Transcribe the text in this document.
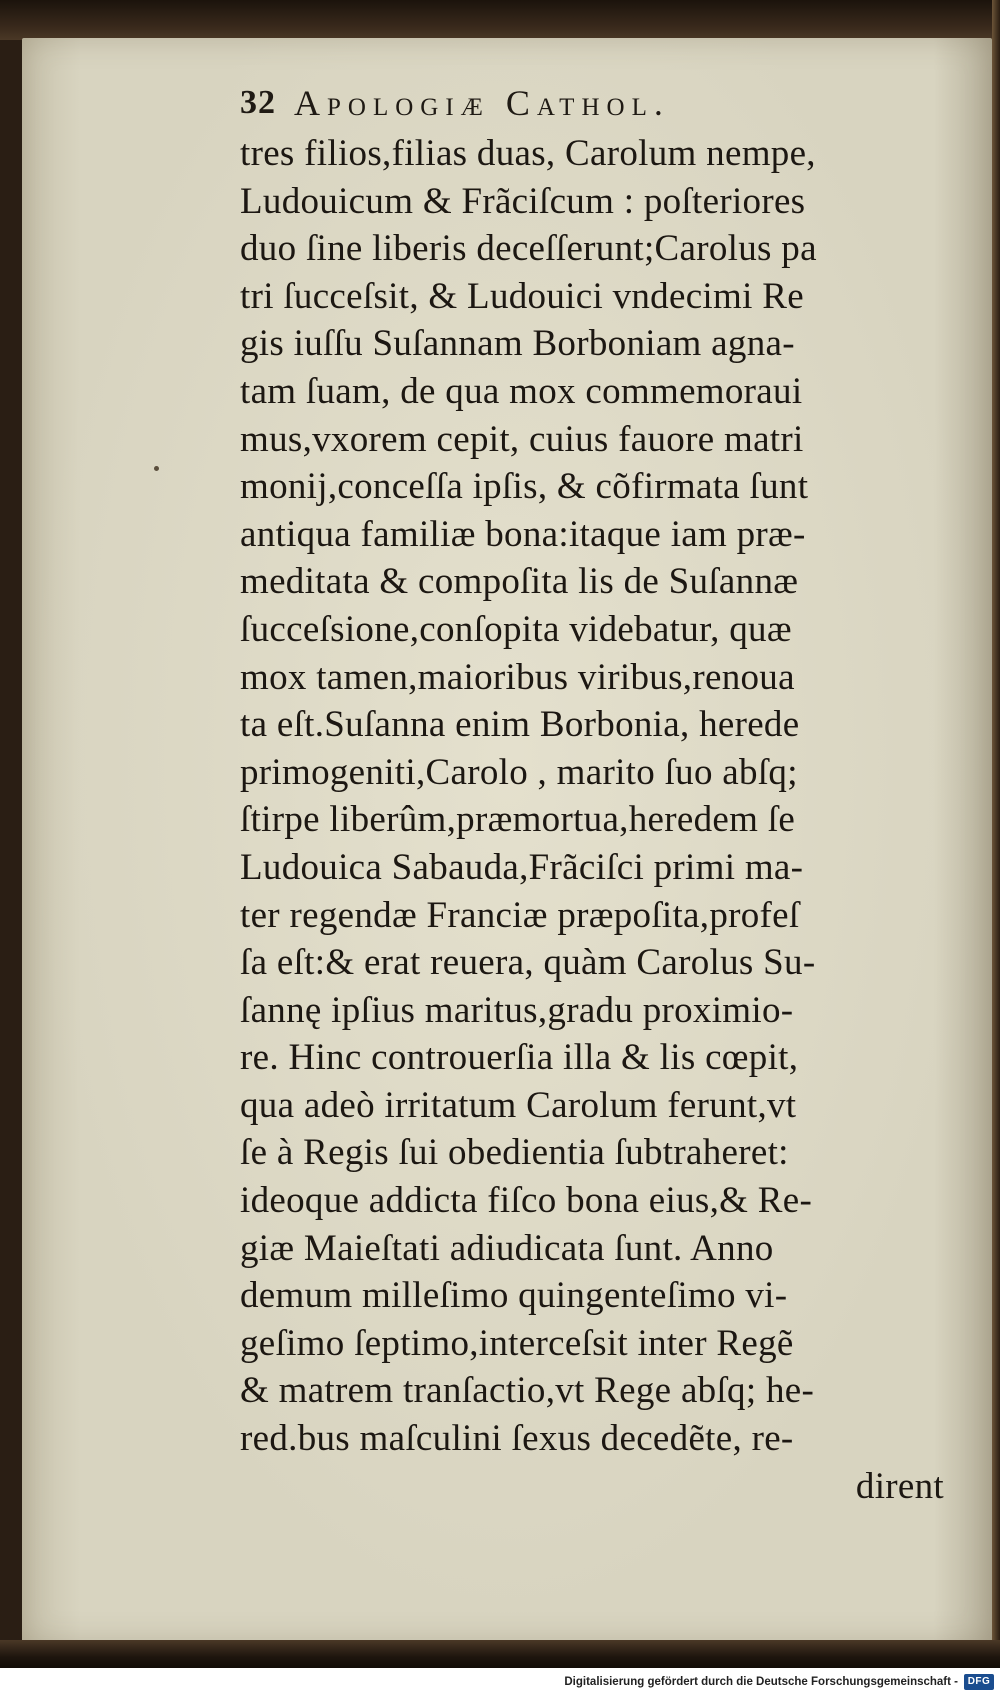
32 Apologiæ Cathol.
tres filios,filias duas, Carolum nempe,
Ludouicum & Frãciſcum : poſteriores
duo ſine liberis deceſſerunt;Carolus pa
tri ſucceſsit, & Ludouici vndecimi Re
gis iuſſu Suſannam Borboniam agna-
tam ſuam, de qua mox commemoraui
mus,vxorem cepit, cuius fauore matri
monij,conceſſa ipſis, & cõfirmata ſunt
antiqua familiæ bona:itaque iam præ-
meditata & compoſita lis de Suſannæ
ſucceſsione,conſopita videbatur, quæ
mox tamen,maioribus viribus,renoua
ta eſt.Suſanna enim Borbonia, herede
primogeniti,Carolo , marito ſuo abſq;
ſtirpe liberûm,præmortua,heredem ſe
Ludouica Sabauda,Frãciſci primi ma-
ter regendæ Franciæ præpoſita,profeſ
ſa eſt:& erat reuera, quàm Carolus Su-
ſannę ipſius maritus,gradu proximio-
re. Hinc controuerſia illa & lis cœpit,
qua adeò irritatum Carolum ferunt,vt
ſe à Regis ſui obedientia ſubtraheret:
ideoque addicta fiſco bona eius,& Re-
giæ Maieſtati adiudicata ſunt. Anno
demum milleſimo quingenteſimo vi-
geſimo ſeptimo,interceſsit inter Regẽ
& matrem tranſactio,vt Rege abſq; he-
red.bus maſculini ſexus decedẽte, re-
dirent
Digitalisierung gefördert durch die Deutsche Forschungsgemeinschaft - DFG
